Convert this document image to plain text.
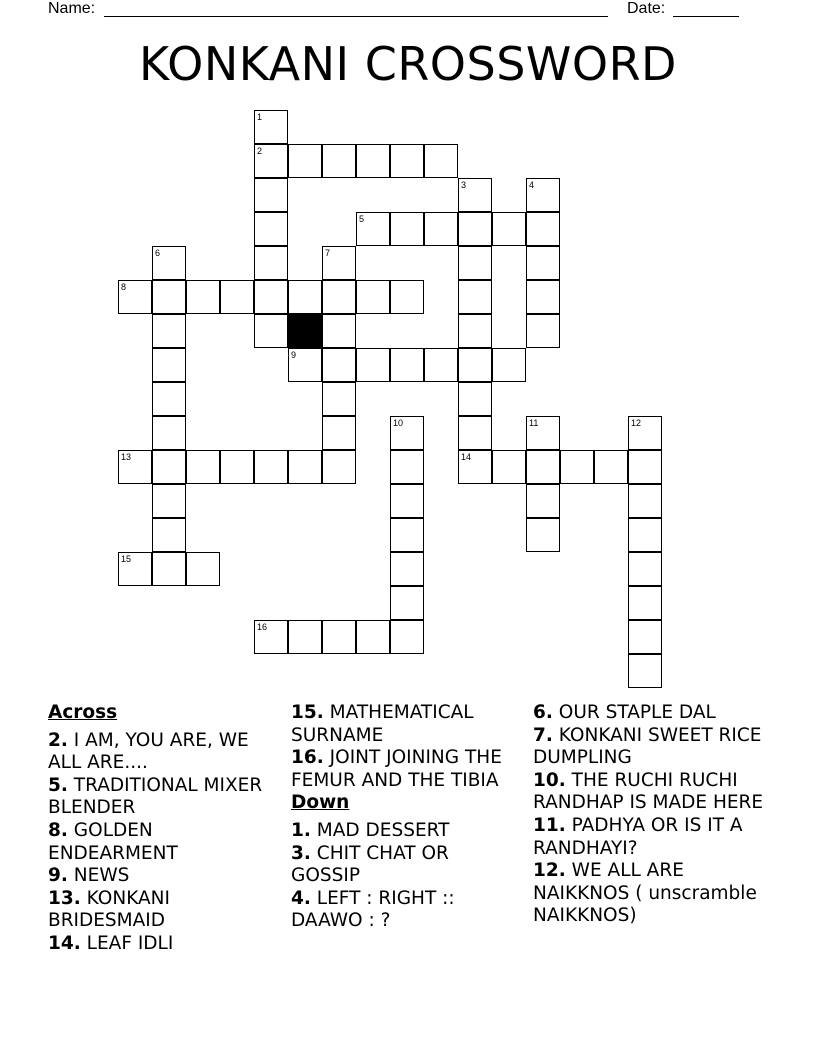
Name:	Date:
KONKANI CROSSWORD
1
2
3	4
5
6	7
8
9
10	11	12
13	14
15
16
Across
2. I AM, YOU ARE, WE ALL ARE....
5. TRADITIONAL MIXER BLENDER
8. GOLDEN ENDEARMENT
9. NEWS
13. KONKANI BRIDESMAID
14. LEAF IDLI
15. MATHEMATICAL SURNAME
16. JOINT JOINING THE FEMUR AND THE TIBIA
Down
1. MAD DESSERT
3. CHIT CHAT OR GOSSIP
4. LEFT : RIGHT :: DAAWO : ?
6. OUR STAPLE DAL
7. KONKANI SWEET RICE DUMPLING
10. THE RUCHI RUCHI RANDHAP IS MADE HERE
11. PADHYA OR IS IT A RANDHAYI?
12. WE ALL ARE NAIKKNOS ( unscramble NAIKKNOS)
